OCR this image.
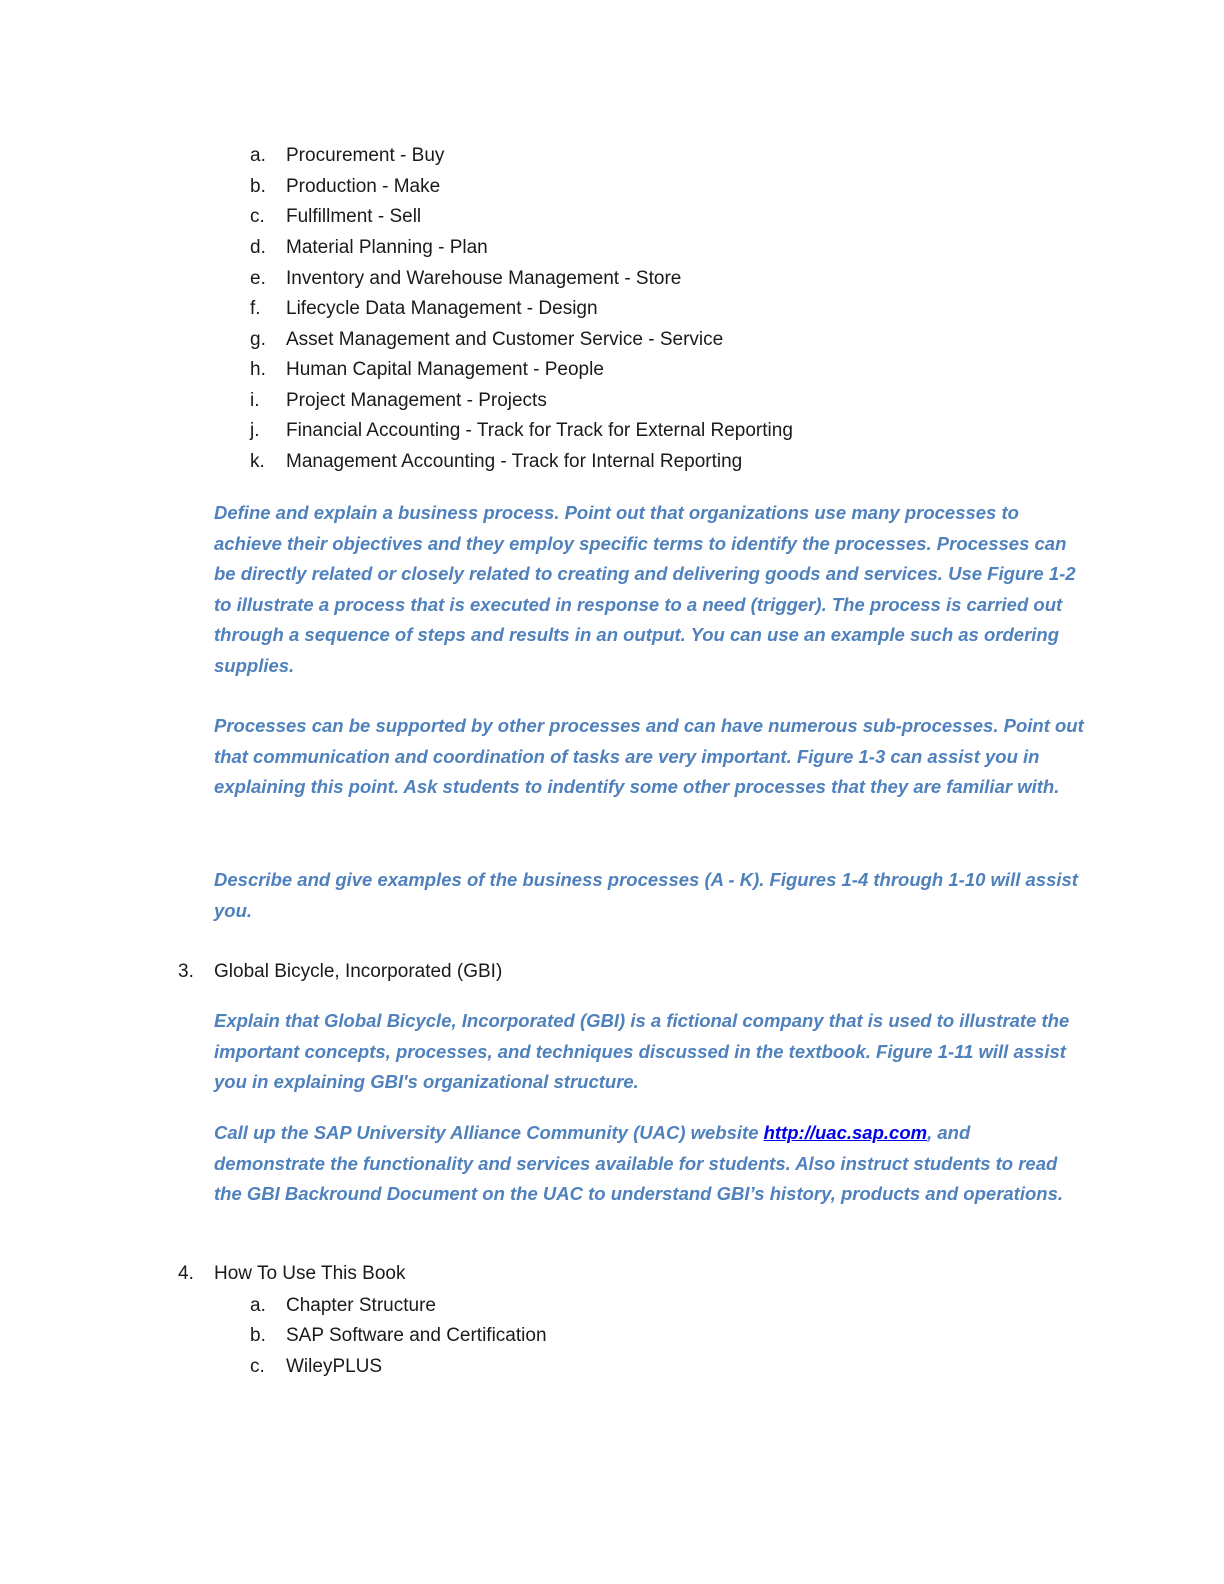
a. Procurement - Buy
b. Production - Make
c. Fulfillment - Sell
d. Material Planning - Plan
e. Inventory and Warehouse Management - Store
f. Lifecycle Data Management - Design
g. Asset Management and Customer Service - Service
h. Human Capital Management - People
i. Project Management - Projects
j. Financial Accounting - Track for Track for External Reporting
k. Management Accounting - Track for Internal Reporting

Define and explain a business process. Point out that organizations use many processes to achieve their objectives and they employ specific terms to identify the processes. Processes can be directly related or closely related to creating and delivering goods and services. Use Figure 1-2 to illustrate a process that is executed in response to a need (trigger). The process is carried out through a sequence of steps and results in an output. You can use an example such as ordering supplies.

Processes can be supported by other processes and can have numerous sub-processes. Point out that communication and coordination of tasks are very important. Figure 1-3 can assist you in explaining this point. Ask students to indentify some other processes that they are familiar with.

Describe and give examples of the business processes (A - K). Figures 1-4 through 1-10 will assist you.

3. Global Bicycle, Incorporated (GBI)

Explain that Global Bicycle, Incorporated (GBI) is a fictional company that is used to illustrate the important concepts, processes, and techniques discussed in the textbook. Figure 1-11 will assist you in explaining GBI's organizational structure.

Call up the SAP University Alliance Community (UAC) website http://uac.sap.com, and demonstrate the functionality and services available for students. Also instruct students to read the GBI Backround Document on the UAC to understand GBI’s history, products and operations.

4. How To Use This Book
a. Chapter Structure
b. SAP Software and Certification
c. WileyPLUS
